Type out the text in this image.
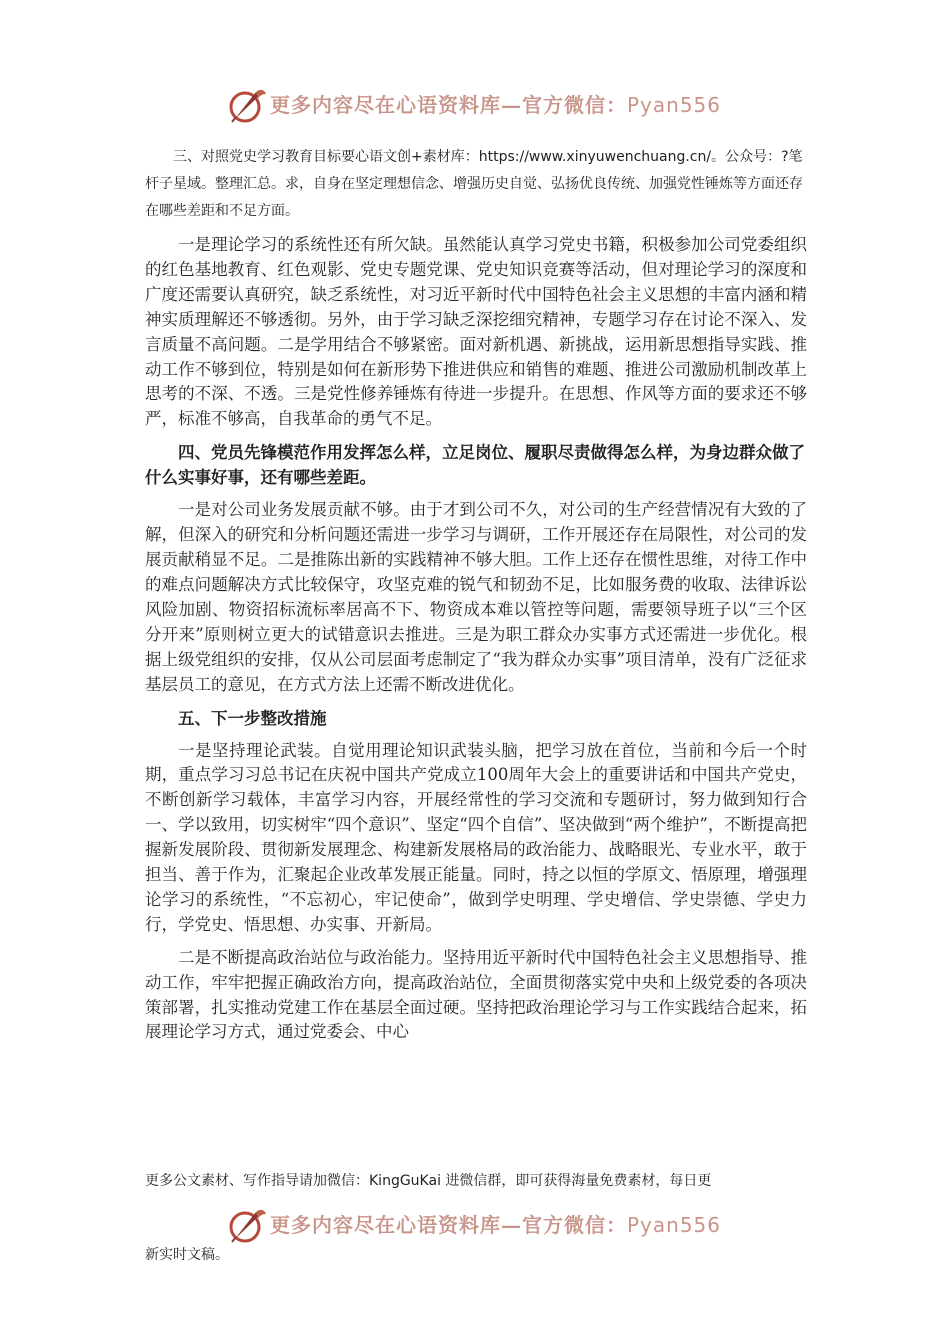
更多内容尽在心语资料库—官方微信：Pyan556

三、对照党史学习教育目标要心语文创+素材库：https://www.xinyuwenchuang.cn/。公众号：?笔杆子星域。整理汇总。求，自身在坚定理想信念、增强历史自觉、弘扬优良传统、加强党性锤炼等方面还存在哪些差距和不足方面。

一是理论学习的系统性还有所欠缺。虽然能认真学习党史书籍，积极参加公司党委组织的红色基地教育、红色观影、党史专题党课、党史知识竞赛等活动，但对理论学习的深度和广度还需要认真研究，缺乏系统性，对习近平新时代中国特色社会主义思想的丰富内涵和精神实质理解还不够透彻。另外，由于学习缺乏深挖细究精神，专题学习存在讨论不深入、发言质量不高问题。二是学用结合不够紧密。面对新机遇、新挑战，运用新思想指导实践、推动工作不够到位，特别是如何在新形势下推进供应和销售的难题、推进公司激励机制改革上思考的不深、不透。三是党性修养锤炼有待进一步提升。在思想、作风等方面的要求还不够严，标准不够高，自我革命的勇气不足。

四、党员先锋模范作用发挥怎么样，立足岗位、履职尽责做得怎么样，为身边群众做了什么实事好事，还有哪些差距。

一是对公司业务发展贡献不够。由于才到公司不久，对公司的生产经营情况有大致的了解，但深入的研究和分析问题还需进一步学习与调研，工作开展还存在局限性，对公司的发展贡献稍显不足。二是推陈出新的实践精神不够大胆。工作上还存在惯性思维，对待工作中的难点问题解决方式比较保守，攻坚克难的锐气和韧劲不足，比如服务费的收取、法律诉讼风险加剧、物资招标流标率居高不下、物资成本难以管控等问题，需要领导班子以“三个区分开来”原则树立更大的试错意识去推进。三是为职工群众办实事方式还需进一步优化。根据上级党组织的安排，仅从公司层面考虑制定了“我为群众办实事”项目清单，没有广泛征求基层员工的意见，在方式方法上还需不断改进优化。

五、下一步整改措施

一是坚持理论武装。自觉用理论知识武装头脑，把学习放在首位，当前和今后一个时期，重点学习习总书记在庆祝中国共产党成立100周年大会上的重要讲话和中国共产党史，不断创新学习载体，丰富学习内容，开展经常性的学习交流和专题研讨，努力做到知行合一、学以致用，切实树牢“四个意识”、坚定“四个自信”、坚决做到“两个维护”，不断提高把握新发展阶段、贯彻新发展理念、构建新发展格局的政治能力、战略眼光、专业水平，敢于担当、善于作为，汇聚起企业改革发展正能量。同时，持之以恒的学原文、悟原理，增强理论学习的系统性，“不忘初心，牢记使命”，做到学史明理、学史增信、学史崇德、学史力行，学党史、悟思想、办实事、开新局。

二是不断提高政治站位与政治能力。坚持用近平新时代中国特色社会主义思想指导、推动工作，牢牢把握正确政治方向，提高政治站位，全面贯彻落实党中央和上级党委的各项决策部署，扎实推动党建工作在基层全面过硬。坚持把政治理论学习与工作实践结合起来，拓展理论学习方式，通过党委会、中心

更多公文素材、写作指导请加微信：KingGuKai 进微信群，即可获得海量免费素材，每日更
更多内容尽在心语资料库—官方微信：Pyan556
新实时文稿。
